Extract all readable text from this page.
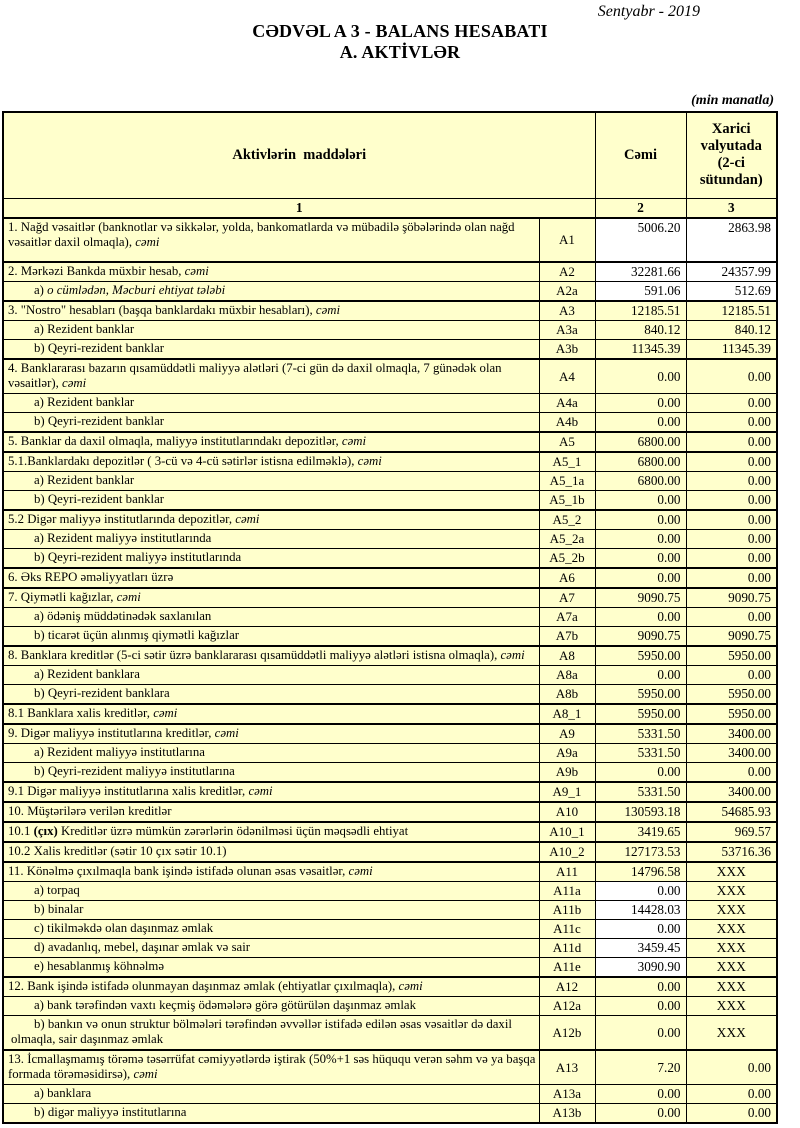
Sentyabr - 2019
CƏDVƏL A 3 - BALANS HESABATI
A. AKTİVLƏR
(min manatla)
Aktivlərin  maddələri		Cəmi	Xarici valyutada (2-ci sütundan)
1		2	3
1. Nağd vəsaitlər (banknotlar və sikkələr, yolda, bankomatlarda və mübadilə şöbələrində olan nağd vəsaitlər daxil olmaqla), cəmi	A1	5006.20	2863.98
2. Mərkəzi Bankda müxbir hesab, cəmi	A2	32281.66	24357.99
a) o cümlədən, Məcburi ehtiyat tələbi	A2a	591.06	512.69
3. "Nostro" hesabları (başqa banklardakı müxbir hesabları), cəmi	A3	12185.51	12185.51
a) Rezident banklar	A3a	840.12	840.12
b) Qeyri-rezident banklar	A3b	11345.39	11345.39
4. Banklararası bazarın qısamüddətli maliyyə alətləri (7-ci gün də daxil olmaqla, 7 günədək olan vəsaitlər), cəmi	A4	0.00	0.00
a) Rezident banklar	A4a	0.00	0.00
b) Qeyri-rezident banklar	A4b	0.00	0.00
5. Banklar da daxil olmaqla, maliyyə institutlarındakı depozitlər, cəmi	A5	6800.00	0.00
5.1.Banklardakı depozitlər ( 3-cü və 4-cü sətirlər istisna edilməklə), cəmi	A5_1	6800.00	0.00
a) Rezident banklar	A5_1a	6800.00	0.00
b) Qeyri-rezident banklar	A5_1b	0.00	0.00
5.2 Digər maliyyə institutlarında depozitlər, cəmi	A5_2	0.00	0.00
a) Rezident maliyyə institutlarında	A5_2a	0.00	0.00
b) Qeyri-rezident maliyyə institutlarında	A5_2b	0.00	0.00
6. Əks REPO əməliyyatları üzrə	A6	0.00	0.00
7. Qiymətli kağızlar, cəmi	A7	9090.75	9090.75
a) ödəniş müddətinədək saxlanılan	A7a	0.00	0.00
b) ticarət üçün alınmış qiymətli kağızlar	A7b	9090.75	9090.75
8. Banklara kreditlər (5-ci sətir üzrə banklararası qısamüddətli maliyyə alətləri istisna olmaqla), cəmi	A8	5950.00	5950.00
a) Rezident banklara	A8a	0.00	0.00
b) Qeyri-rezident banklara	A8b	5950.00	5950.00
8.1 Banklara xalis kreditlər, cəmi	A8_1	5950.00	5950.00
9. Digər maliyyə institutlarına kreditlər, cəmi	A9	5331.50	3400.00
a) Rezident maliyyə institutlarına	A9a	5331.50	3400.00
b) Qeyri-rezident maliyyə institutlarına	A9b	0.00	0.00
9.1 Digər maliyyə institutlarına xalis kreditlər, cəmi	A9_1	5331.50	3400.00
10. Müştərilərə verilən kreditlər	A10	130593.18	54685.93
10.1 (çıx) Kreditlər üzrə mümkün zərərlərin ödənilməsi üçün məqsədli ehtiyat	A10_1	3419.65	969.57
10.2 Xalis kreditlər (sətir 10 çıx sətir 10.1)	A10_2	127173.53	53716.36
11. Könəlmə çıxılmaqla bank işində istifadə olunan əsas vəsaitlər, cəmi	A11	14796.58	XXX
a) torpaq	A11a	0.00	XXX
b) binalar	A11b	14428.03	XXX
c) tikilməkdə olan daşınmaz əmlak	A11c	0.00	XXX
d) avadanlıq, mebel, daşınar əmlak və sair	A11d	3459.45	XXX
e) hesablanmış köhnəlmə	A11e	3090.90	XXX
12. Bank işində istifadə olunmayan daşınmaz əmlak (ehtiyatlar çıxılmaqla), cəmi	A12	0.00	XXX
a) bank tərəfindən vaxtı keçmiş ödəmələrə görə götürülən daşınmaz əmlak	A12a	0.00	XXX
b) bankın və onun struktur bölmələri tərəfindən əvvəllər istifadə edilən əsas vəsaitlər də daxil olmaqla, sair daşınmaz əmlak	A12b	0.00	XXX
13. İcmallaşmamış törəmə təsərrüfat cəmiyyətlərdə iştirak (50%+1 səs hüququ verən səhm və ya başqa formada törəməsidirsə), cəmi	A13	7.20	0.00
a) banklara	A13a	0.00	0.00
b) digər maliyyə institutlarına	A13b	0.00	0.00
